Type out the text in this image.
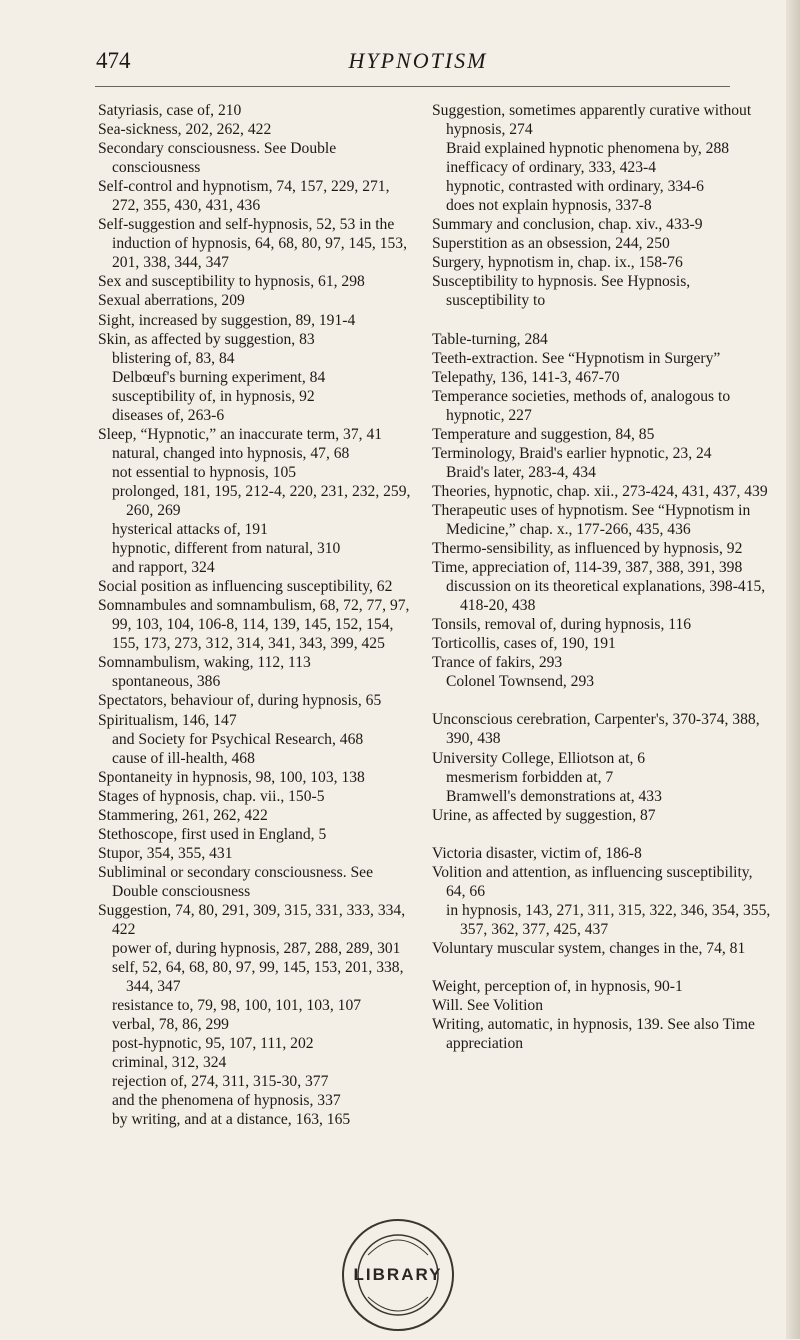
474	HYPNOTISM
Satyriasis, case of, 210
Sea-sickness, 202, 262, 422
Secondary consciousness. See Double consciousness
Self-control and hypnotism, 74, 157, 229, 271, 272, 355, 430, 431, 436
Self-suggestion and self-hypnosis, 52, 53 in the induction of hypnosis, 64, 68, 80, 97, 145, 153, 201, 338, 344, 347
Sex and susceptibility to hypnosis, 61, 298
Sexual aberrations, 209
Sight, increased by suggestion, 89, 191-4
Skin, as affected by suggestion, 83
blistering of, 83, 84
Delbœuf's burning experiment, 84
susceptibility of, in hypnosis, 92
diseases of, 263-6
Sleep, “Hypnotic,” an inaccurate term, 37, 41
natural, changed into hypnosis, 47, 68
not essential to hypnosis, 105
prolonged, 181, 195, 212-4, 220, 231, 232, 259, 260, 269
hysterical attacks of, 191
hypnotic, different from natural, 310
and rapport, 324
Social position as influencing susceptibility, 62
Somnambules and somnambulism, 68, 72, 77, 97, 99, 103, 104, 106-8, 114, 139, 145, 152, 154, 155, 173, 273, 312, 314, 341, 343, 399, 425
Somnambulism, waking, 112, 113
spontaneous, 386
Spectators, behaviour of, during hypnosis, 65
Spiritualism, 146, 147
and Society for Psychical Research, 468
cause of ill-health, 468
Spontaneity in hypnosis, 98, 100, 103, 138
Stages of hypnosis, chap. vii., 150-5
Stammering, 261, 262, 422
Stethoscope, first used in England, 5
Stupor, 354, 355, 431
Subliminal or secondary consciousness. See Double consciousness
Suggestion, 74, 80, 291, 309, 315, 331, 333, 334, 422
power of, during hypnosis, 287, 288, 289, 301
self, 52, 64, 68, 80, 97, 99, 145, 153, 201, 338, 344, 347
resistance to, 79, 98, 100, 101, 103, 107
verbal, 78, 86, 299
post-hypnotic, 95, 107, 111, 202
criminal, 312, 324
rejection of, 274, 311, 315-30, 377
and the phenomena of hypnosis, 337
by writing, and at a distance, 163, 165
Suggestion, sometimes apparently curative without hypnosis, 274
Braid explained hypnotic phenomena by, 288
inefficacy of ordinary, 333, 423-4
hypnotic, contrasted with ordinary, 334-6
does not explain hypnosis, 337-8
Summary and conclusion, chap. xiv., 433-9
Superstition as an obsession, 244, 250
Surgery, hypnotism in, chap. ix., 158-76
Susceptibility to hypnosis. See Hypnosis, susceptibility to
Table-turning, 284
Teeth-extraction. See “Hypnotism in Surgery”
Telepathy, 136, 141-3, 467-70
Temperance societies, methods of, analogous to hypnotic, 227
Temperature and suggestion, 84, 85
Terminology, Braid's earlier hypnotic, 23, 24
Braid's later, 283-4, 434
Theories, hypnotic, chap. xii., 273-424, 431, 437, 439
Therapeutic uses of hypnotism. See “Hypnotism in Medicine,” chap. x., 177-266, 435, 436
Thermo-sensibility, as influenced by hypnosis, 92
Time, appreciation of, 114-39, 387, 388, 391, 398
discussion on its theoretical explanations, 398-415, 418-20, 438
Tonsils, removal of, during hypnosis, 116
Torticollis, cases of, 190, 191
Trance of fakirs, 293
Colonel Townsend, 293
Unconscious cerebration, Carpenter's, 370-374, 388, 390, 438
University College, Elliotson at, 6
mesmerism forbidden at, 7
Bramwell's demonstrations at, 433
Urine, as affected by suggestion, 87
Victoria disaster, victim of, 186-8
Volition and attention, as influencing susceptibility, 64, 66
in hypnosis, 143, 271, 311, 315, 322, 346, 354, 355, 357, 362, 377, 425, 437
Voluntary muscular system, changes in the, 74, 81
Weight, perception of, in hypnosis, 90-1
Will. See Volition
Writing, automatic, in hypnosis, 139. See also Time appreciation
LIBRARY
